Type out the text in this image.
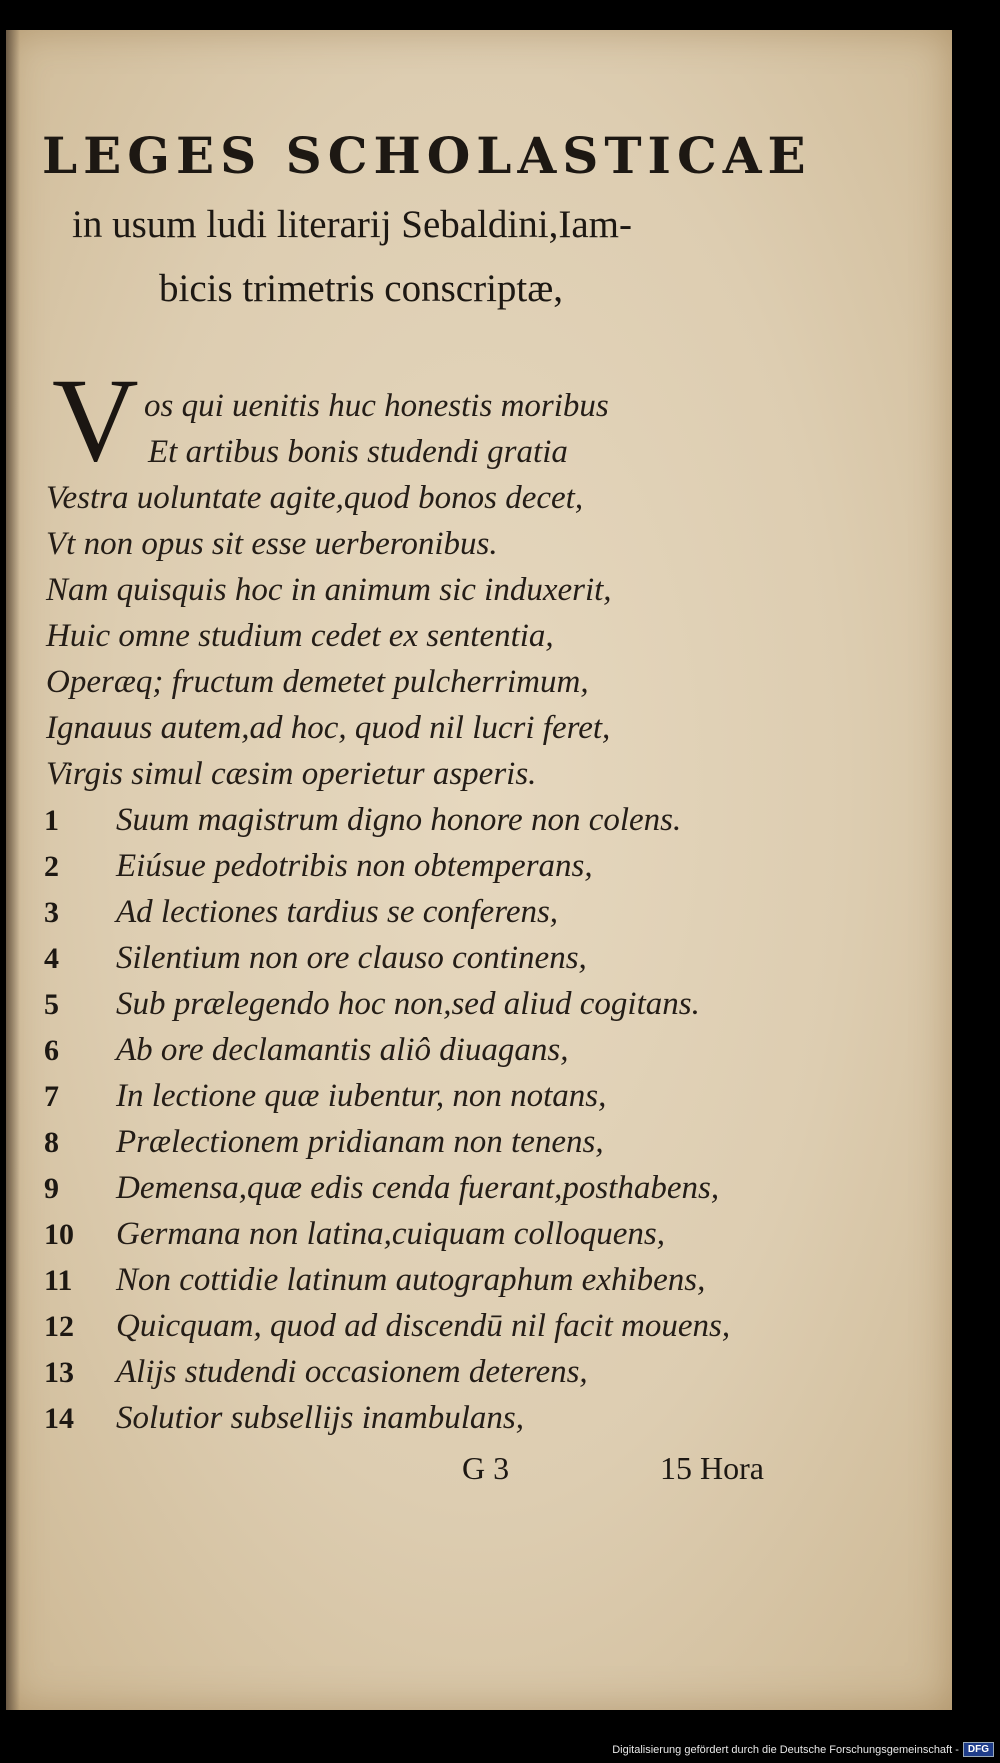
LEGES SCHOLASTICAE
in usum ludi literarij Sebaldini,Iam-
bicis trimetris conscriptæ,
V os qui uenitis huc honestis moribus
Et artibus bonis studendi gratia
Vestra uoluntate agite,quod bonos decet,
Vt non opus sit esse uerberonibus.
Nam quisquis hoc in animum sic induxerit,
Huic omne studium cedet ex sententia,
Operæq; fructum demetet pulcherrimum,
Ignauus autem,ad hoc, quod nil lucri feret,
Virgis simul cæsim operietur asperis.
1	Suum magistrum digno honore non colens.
2	Eiúsue pedotribis non obtemperans,
3	Ad lectiones tardius se conferens,
4	Silentium non ore clauso continens,
5	Sub prælegendo hoc non,sed aliud cogitans.
6	Ab ore declamantis aliô diuagans,
7	In lectione quæ iubentur, non notans,
8	Prælectionem pridianam non tenens,
9	Demensa,quæ edis cenda fuerant,posthabens,
10	Germana non latina,cuiquam colloquens,
11	Non cottidie latinum autographum exhibens,
12	Quicquam, quod ad discendū nil facit mouens,
13	Alijs studendi occasionem deterens,
14	Solutior subsellijs inambulans,
G 3	15 Hora
Digitalisierung gefördert durch die Deutsche Forschungsgemeinschaft - DFG
